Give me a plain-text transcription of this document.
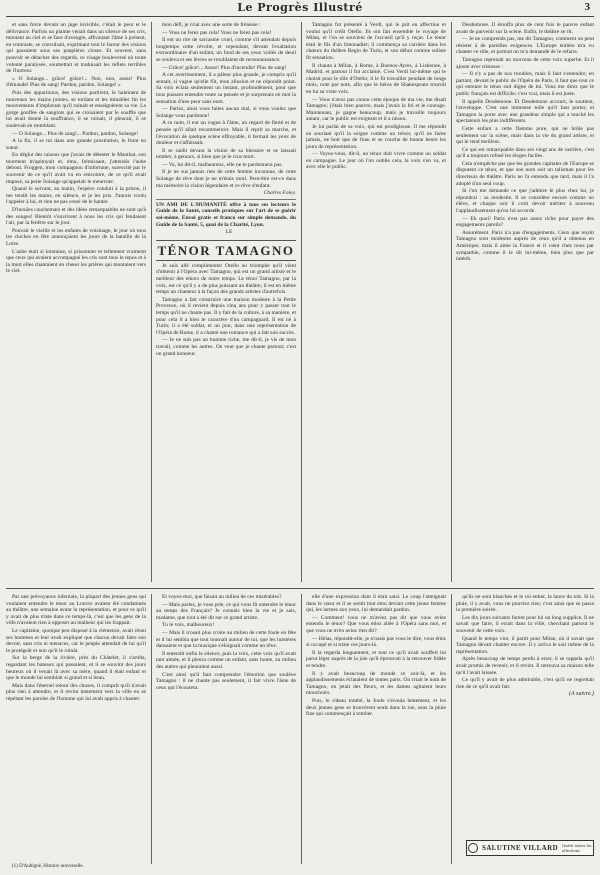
Le Progrès Illustré	3

et sans force devant un juge invisible, c'était le peur et le délivrance. Parfois un plainte venait dans un silence de ses cris, montant au ciel et se face d'aveugle, affrontant l'âme à présent, en contraste, se convulsait, exprimant tout le fureur des visions qui passaient sous ses paupières closes. Et souvent, sans pouvoir se détacher des regards, ce visage bouleversé où toute volonté paralysée, soumettait et traduisait les reflets terribles de l'horreur.

« O Solange... grâce! grâce!... Non, non, assez! Plus d'émaude! Plus de sang! Pardon, pardon, Solange! »

Puis des apparitions, des visions partirent, le haleinent de nouveaux les mains jointes, se tordant et les minables fin les mouvements d'implorant qu'il ruinait et enseignèrent sa vie. La gorge gonflée de sanglots qui se croisaient par le souffle que lui avait donné la souffrance, il se ruinait, il pleurait, il se soulevait en tremblant.

— O Solange... Plus de sang!... Pardon, pardon, Solange!

A la fin, il se tut dans une grande prostration, le front en sueur.

En déglut des raisons que j'avais de détester le Mauthat, son tourment m'apitoyait et, ému, frémissant, j'attendis l'aube debout. Froggen, mon compagnon d'infortune, surexcité par le souvenir de ce qu'il avait vu en rencontre, de ce qu'il avait imposé, sa perte Solange qu'appelait le meurtrier.

Quand le suivant, au matin, l'espèce conduit à la prison, il me tendit les mains, en silence, et je les pris. J'aurais voulu l'appeler à lui, et rien ne pas cessé de le hanter.

D'inouïes cauchemars et des idées remarquables ne sont qu'à des songes! Bientôt s'ouvrirent à nous les cris qui fendaient l'air, par la fenêtre sur le jour.

Pouvait le vieille et les enfants de voisinage, le jour où tous les cloches en fête annonçaient les jours de la bataille de la Loire.

L'aube était si lointaine, si prisonnier et tellement vraiment que ceux qui avaient accompagné les cris sont tous le repos et à la mort elles chantaient en chœur les prières qui montaient vers le ciel.

mon défi, je criai avec une sorte de frénésie :

— Vous ne ferez pas cela! Vous ne ferez pas cela!

Il eut un rire de sarcasme cruel, comme s'il attendait depuis longtemps cette révolte, et cependant, devant l'exaltation extraordinaire d'un enfant, un fond de ses yeux voilés de deuil se souleva et ses lèvres se troublaient de reconnaissance.

— Grâce! grâce!... Assez! Plus d'incendie! Plus de sang!

A cet avertissement, il a pâleur plus grande, je compris qu'il sentait, si vague qu'elle fût, mon allusion et ne répondit point. Sa voix éclata seulement un instant, profondément, pour que tous pussent entendre toute sa pensée et je surprenais en moi la sensation d'une peur sans nom.

— Parlez, ainsi vous faites aucun mal, si vous voulez que Solange vous pardonne!

A ce nom, il eut un vague à l'âme, un regard de fierté et de pensée qu'il allait recommencer. Mais il reprit sa marche, et l'évocation de quelque scène effroyable, il fermait les yeux de douleur et s'affaissait.

Il se raidit devant la vision de sa blessure et se laissait tomber, à genoux, si bien que je le crus mort.

— Va, lui dit-il, malheureux, elle ne te pardonnera pas.

Il je ne sus jamais rien de cette femme inconnue, de cette Solange de rêve dont je ne m'étais mort. Peut-être est-ce dans ma mémoire la vision légendaire et ce rêve d'enfant.

Charles Foley.

UN AMI DE L'HUMANITÉ offre à tous ses lecteurs le Guide de la Santé, conseils pratiques sur l'art de se guérir soi-même. Envoi gratis et franco sur simple demande, du Guide de la Santé, 5, quai de la Charité, Lyon.

LE

TÉNOR TAMAGNO

Je suis allé complimenter Otello au triomphe qu'il vient d'obtenir à l'Opéra avec Tamagno, qui est un grand artiste et le meilleur des ténors de notre temps. Le ténor Tamagno, par la voix, est ce qu'il y a de plus puissant au théâtre; il est en même temps un chanteur à la façon des grands artistes d'autrefois.

Tamagno a fait construire une maison modeste à la Petite Provence, où il revient depuis cinq ans pour y passer tout le temps qu'il ne chante pas. Il y fait de la culture, à sa manière, et pour cela il a bien le caractère d'un campagnard. Il est né à Turin; il a été soldat, et un jour, dans une représentation de l'Opéra de Rome, il a chanté une romance qui a fait son succès.

— Je ne suis pas un homme riche, me dit-il, je vis de mon travail, comme les autres. On veut que je chante partout; c'est un grand honneur.

Tamagno fut présenté à Verdi, qui le prit en affection et voulut qu'il créât Otello. Ils ont fait ensemble le voyage de Milan, et l'on se souvient de l'accueil qu'il y reçut. Le ténor était le fils d'un limonadier; il commença sa carrière dans les chœurs du théâtre Regio de Turin, et son début comme soliste fit sensation.

Il chanta à Milan, à Rome, à Buenos-Ayres, à Lisbonne, à Madrid, et partout il fut acclamé. C'est Verdi lui-même qui le choisit pour le rôle d'Otello; il le fit travailler pendant de longs mois, note par note, afin que le héros de Shakespeare trouvât en lui sa vraie voix.

— Vous n'avez pas connu cette époque de ma vie, me disait Tamagno; j'étais bien pauvre, mais j'avais la foi et le courage. Maintenant, je gagne beaucoup, mais je travaille toujours autant, car le public est exigeant et il a raison.

Je lui parlai de sa voix, qui est prodigieuse. Il me répondit en souriant qu'il la soigne comme un trésor, qu'il ne fume jamais, ne boit que de l'eau et se couche de bonne heure les jours de représentation.

— Voyez-vous, dit-il, un ténor doit vivre comme un soldat en campagne. Le jour où l'on oublie cela, la voix s'en va, et avec elle le public.

Desdemone. Il étouffa plus de cent fois le pauvre enfant avant de parvenir sur la scène. Enfin, le théâtre se rit.

— Je ne comprends pas, me dit Tamagno, comment on peut résister à de pareilles exigences. L'Europe entière m'a vu chanter ce rôle, et partout on m'a demandé de le refaire.

Tamagno reprenait un morceau de cette voix superbe. Et il ajoute avec tristesse :

— Il n'y a pas de nos troubles, mais il faut s'entendre; en partant, devant le public de l'Opéra de Paris, il faut que tout ce qui entoure le ténor soit digne de lui. Vous me direz que le public français est difficile; c'est vrai, mais il est juste.

Il appelle Desdemone. Et Desdemone accourt, le soutient, l'enveloppe. C'est une immense toile qu'il faut porter, et Tamagno la porte avec une grandeur simple qui a touché les spectateurs les plus indifférents.

Cette enfant a cette flamme pure, qui ne brûle pas seulement sur la scène, mais dans la vie du grand artiste, et qui le rend meilleur.

Ce qui est remarquable dans ses vingt ans de carrière, c'est qu'il a toujours refusé les éloges faciles.

Cela n'empêche pas que les grandes capitales de l'Europe se disputent ce ténor, et que son nom soit un talisman pour les directeurs de théâtre. Paris ne l'a entendu que tard, mais il l'a adopté d'un seul coup.

Si l'on me demande ce que j'admire le plus chez lui, je répondrai : sa modestie. Il se considère encore comme un élève, et chaque soir il croit devoir mériter à nouveau l'applaudissement qu'on lui accorde.

— Eh quoi! Paris n'est pas assez riche pour payer des engagements pareils?

Assurément. Paris n'a pas d'engagements. Ceux que reçoit Tamagno sont modestes auprès de ceux qu'il a obtenus en Amérique; mais il aime la France et il vient chez nous par sympathie, comme il le dit lui-même, bien plus que par intérêt.

Par une prévoyance infernale, la plupart des jeunes gens qui voulaient entendre le tenor au Louvre avaient été condamnés au théâtre, une semaine avant la représentation, et pour ce qu'il y avait de plus triste dans ce temps-là, c'est que les gens de la ville n'avaient rien à opposer au malheur qui les frappait.

Le capitaine, quoique peu disposé à la clémence, avait réuni ses hommes et leur avait expliqué que chacun devait faire son devoir, sans cris ni menaces, car le peuple attendait de lui qu'il le protégeât et non qu'il le ruinât.

Sur la berge de la rivière, près du Châtelet, il s'arrêta, regardant les bateaux qui passaient, et il se souvint des jours heureux où il venait là avec sa mère, quand il était enfant et que le monde lui semblait si grand et si beau.

Mais dans l'éternel retour des choses, il comprit qu'il n'avait plus rien à attendre, et il revint lentement vers la ville en se répétant les paroles de l'homme qui lui avait appris à chanter.

Et voyez-moi, que faisait au milieu de ces misérables?

— Mais parlez, je vous prie, ce qui vous fit entendre le ténor au temps des Français? Je connais bien la vie et je sais, madame, que tout a été dit sur ce grand artiste.

Tu le vois, malheureux!

— Mais il n'osait plus croire au milieu de cette foule en fête et il lui sembla que tout tournait autour de lui, que les lumières dansaient et que la musique s'éloignait comme un rêve.

Il entendit enfin le silence, puis la voix, cette voix qu'il avait tant aimée, et il pleura comme un enfant, sans honte, au milieu des autres qui pleuraient aussi.

C'est ainsi qu'il faut comprendre l'émotion que soulève Tamagno : il ne chante pas seulement, il fait vivre l'âme de ceux qui l'écoutent.

elle d'une expression dont il était saisi. Le coup l'atteignait dans le cœur et il se sentit tout ému devant cette jeune femme qui, les larmes aux yeux, lui demandait pardon.

— Comment! vous ne m'aviez pas dit que vous aviez entendu le ténor? Que vous étiez allée à l'Opéra sans moi, et que vous ne m'en aviez rien dit?

— Hélas, répondit-elle, je n'osais pas vous le dire, vous étiez si occupé et si triste ces jours-là.

Il la regarda longuement, et tout ce qu'il avait souffert lui parut léger auprès de la joie qu'il éprouvait à la retrouver fidèle et tendre.

Il y avait beaucoup de monde ce soir-là, et les applaudissements éclataient de toutes parts. On criait le nom de Tamagno, on jetait des fleurs, et les dames agitaient leurs mouchoirs.

Puis, le rideau tombé, la foule s'écoula lentement, et les deux jeunes gens se trouvèrent seuls dans la rue, sous la pluie fine qui commençait à tomber.

qu'ils ne sont blanches et le roi entier, la lance du toit. Si la pluie, il y avait, vous ne pouviez rien; c'est ainsi que se passa la première soirée.

Les dix jours suivants furent pour lui un long supplice. Il ne savait que faire, il errait dans la ville, cherchant partout le souvenir de cette voix.

Quand le temps vint, il partit pour Milan, où il savait que Tamagno devait chanter encore. Il y arriva le soir même de la représentation.

Après beaucoup de temps perdu à errer, il se rappela qu'il avait promis de revenir, et il revint. Il retrouva sa maison telle qu'il l'avait laissée.

Ce qu'il y avait de plus admirable, c'est qu'il ne regrettait rien de ce qu'il avait fait.

(A suivre.)

SALUTINE VILLARD Guérit toutes les affections
(1) D'Aubigné, Histoire universelle.
